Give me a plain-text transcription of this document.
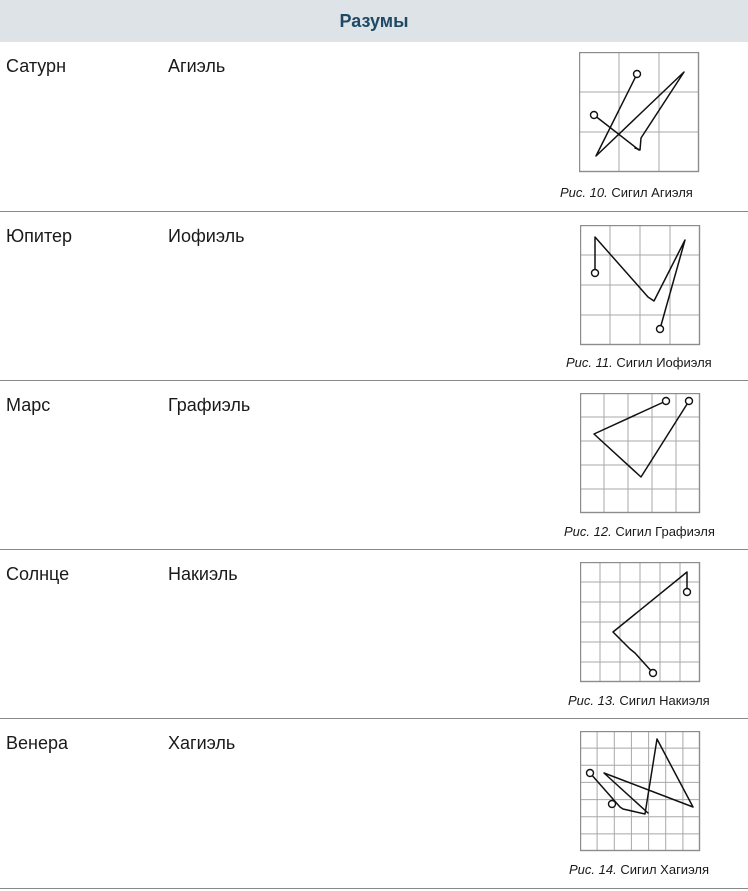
Разумы
Сатурн	Агиэль
Рис. 10. Сигил Агиэля
Юпитер	Иофиэль
Рис. 11. Сигил Иофиэля
Марс	Графиэль
Рис. 12. Сигил Графиэля
Солнце	Накиэль
Рис. 13. Сигил Накиэля
Венера	Хагиэль
Рис. 14. Сигил Хагиэля
